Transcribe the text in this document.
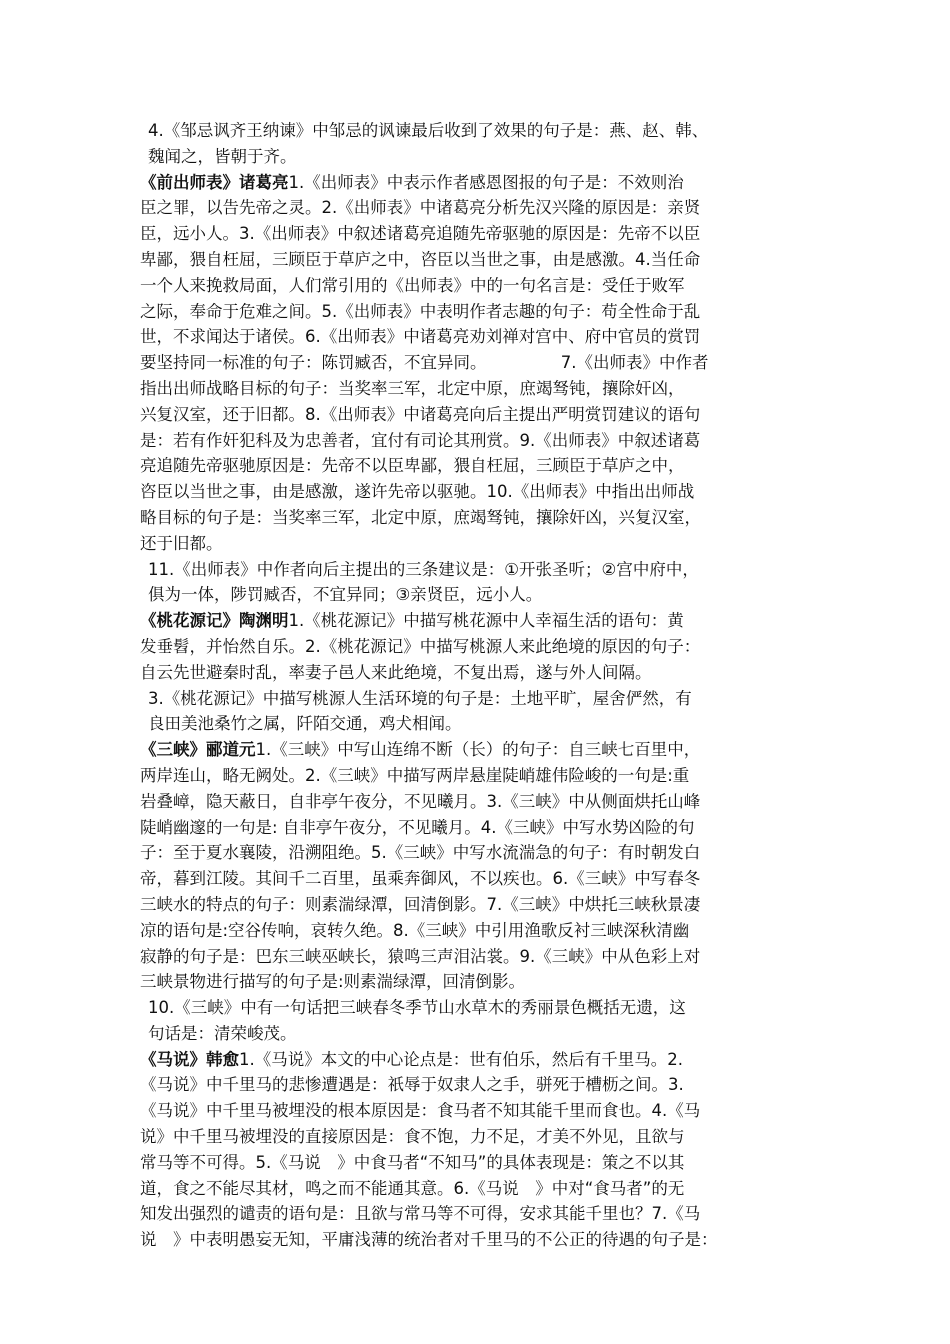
4.《邹忌讽齐王纳谏》中邹忌的讽谏最后收到了效果的句子是：燕、赵、韩、
魏闻之，皆朝于齐。
《前出师表》诸葛亮1.《出师表》中表示作者感恩图报的句子是：不效则治
臣之罪，以告先帝之灵。2.《出师表》中诸葛亮分析先汉兴隆的原因是：亲贤
臣，远小人。3.《出师表》中叙述诸葛亮追随先帝驱驰的原因是：先帝不以臣
卑鄙，猥自枉屈，三顾臣于草庐之中，咨臣以当世之事，由是感激。4.当任命
一个人来挽救局面，人们常引用的《出师表》中的一句名言是：受任于败军
之际，奉命于危难之间。5.《出师表》中表明作者志趣的句子：苟全性命于乱
世，不求闻达于诸侯。6.《出师表》中诸葛亮劝刘禅对宫中、府中官员的赏罚
要坚持同一标准的句子：陈罚臧否，不宜异同。　　　　　7.《出师表》中作者
指出出师战略目标的句子：当奖率三军，北定中原，庶竭驽钝，攘除奸凶，
兴复汉室，还于旧都。8.《出师表》中诸葛亮向后主提出严明赏罚建议的语句
是：若有作奸犯科及为忠善者，宜付有司论其刑赏。9.《出师表》中叙述诸葛
亮追随先帝驱驰原因是：先帝不以臣卑鄙，猥自枉屈，三顾臣于草庐之中，
咨臣以当世之事，由是感激，遂许先帝以驱驰。10.《出师表》中指出出师战
略目标的句子是：当奖率三军，北定中原，庶竭驽钝，攘除奸凶，兴复汉室，
还于旧都。
11.《出师表》中作者向后主提出的三条建议是：①开张圣听；②宫中府中，
俱为一体，陟罚臧否，不宜异同；③亲贤臣，远小人。
《桃花源记》陶渊明1.《桃花源记》中描写桃花源中人幸福生活的语句：黄
发垂髫，并怡然自乐。2.《桃花源记》中描写桃源人来此绝境的原因的句子：
自云先世避秦时乱，率妻子邑人来此绝境，不复出焉，遂与外人间隔。
3.《桃花源记》中描写桃源人生活环境的句子是：土地平旷，屋舍俨然，有
良田美池桑竹之属，阡陌交通，鸡犬相闻。
《三峡》郦道元1.《三峡》中写山连绵不断（长）的句子：自三峡七百里中，
两岸连山，略无阙处。2.《三峡》中描写两岸悬崖陡峭雄伟险峻的一句是:重
岩叠嶂，隐天蔽日，自非亭午夜分，不见曦月。3.《三峡》中从侧面烘托山峰
陡峭幽邃的一句是: 自非亭午夜分，不见曦月。4.《三峡》中写水势凶险的句
子：至于夏水襄陵，沿溯阻绝。5.《三峡》中写水流湍急的句子：有时朝发白
帝，暮到江陵。其间千二百里，虽乘奔御风，不以疾也。6.《三峡》中写春冬
三峡水的特点的句子：则素湍绿潭，回清倒影。7.《三峡》中烘托三峡秋景凄
凉的语句是:空谷传响，哀转久绝。8.《三峡》中引用渔歌反衬三峡深秋清幽
寂静的句子是：巴东三峡巫峡长，猿鸣三声泪沾裳。9.《三峡》中从色彩上对
三峡景物进行描写的句子是:则素湍绿潭，回清倒影。
10.《三峡》中有一句话把三峡春冬季节山水草木的秀丽景色概括无遗，这
句话是：清荣峻茂。
《马说》韩愈1.《马说》本文的中心论点是：世有伯乐，然后有千里马。2.
《马说》中千里马的悲惨遭遇是：祇辱于奴隶人之手，骈死于槽枥之间。3.
《马说》中千里马被埋没的根本原因是：食马者不知其能千里而食也。4.《马
说》中千里马被埋没的直接原因是：食不饱，力不足，才美不外见，且欲与
常马等不可得。5.《马说　》中食马者“不知马”的具体表现是：策之不以其
道，食之不能尽其材，鸣之而不能通其意。6.《马说　》中对“食马者”的无
知发出强烈的谴责的语句是：且欲与常马等不可得，安求其能千里也？7.《马
说　》中表明愚妄无知，平庸浅薄的统治者对千里马的不公正的待遇的句子是：
